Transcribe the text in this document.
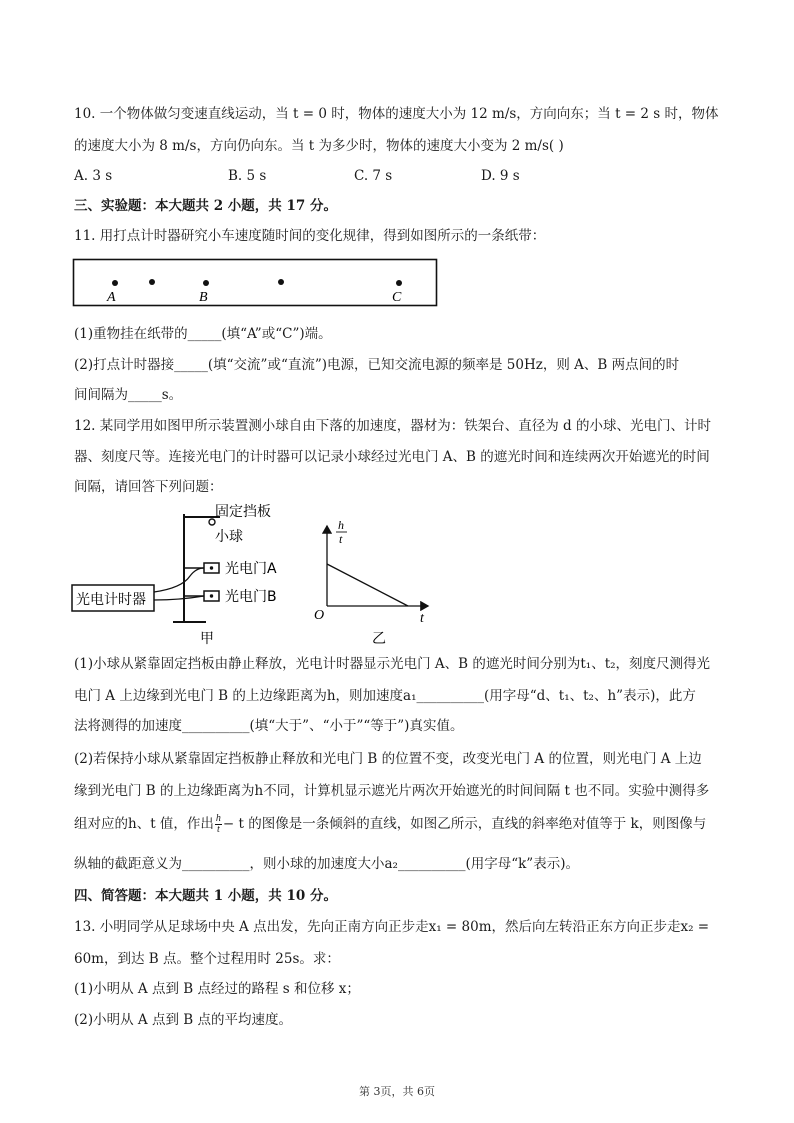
10. 一个物体做匀变速直线运动，当 t = 0 时，物体的速度大小为 12 m/s，方向向东；当 t = 2 s 时，物体
的速度大小为 8 m/s，方向仍向东。当 t 为多少时，物体的速度大小变为 2 m/s( )
A. 3 s	B. 5 s	C. 7 s	D. 9 s
三、实验题：本大题共 2 小题，共 17 分。
11. 用打点计时器研究小车速度随时间的变化规律，得到如图所示的一条纸带：
A	B	C
(1)重物挂在纸带的_____(填“A”或“C”)端。
(2)打点计时器接_____(填“交流”或“直流”)电源，已知交流电源的频率是 50Hz，则 A、B 两点间的时
间间隔为_____s。
12. 某同学用如图甲所示装置测小球自由下落的加速度，器材为：铁架台、直径为 d 的小球、光电门、计时
器、刻度尺等。连接光电门的计时器可以记录小球经过光电门 A、B 的遮光时间和连续两次开始遮光的时间
间隔，请回答下列问题：
固定挡板
小球
光电门A
光电门B
光电计时器
甲
h
t
O	t
乙
(1)小球从紧靠固定挡板由静止释放，光电计时器显示光电门 A、B 的遮光时间分别为t₁、t₂，刻度尺测得光
电门 A 上边缘到光电门 B 的上边缘距离为h，则加速度a₁__________(用字母“d、t₁、t₂、h”表示)，此方
法将测得的加速度__________(填“大于”、“小于”“等于”)真实值。
(2)若保持小球从紧靠固定挡板静止释放和光电门 B 的位置不变，改变光电门 A 的位置，则光电门 A 上边
缘到光电门 B 的上边缘距离为h不同，计算机显示遮光片两次开始遮光的时间间隔 t 也不同。实验中测得多
组对应的h、t 值，作出 $\frac{h}{t} - t$ 的图像是一条倾斜的直线，如图乙所示，直线的斜率绝对值等于 k，则图像与
纵轴的截距意义为__________，则小球的加速度大小a₂__________(用字母“k”表示)。
四、简答题：本大题共 1 小题，共 10 分。
13. 小明同学从足球场中央 A 点出发，先向正南方向正步走x₁ = 80m，然后向左转沿正东方向正步走x₂ =
60m，到达 B 点。整个过程用时 25s。求：
(1)小明从 A 点到 B 点经过的路程 s 和位移 x；
(2)小明从 A 点到 B 点的平均速度。
第 3页，共 6页
